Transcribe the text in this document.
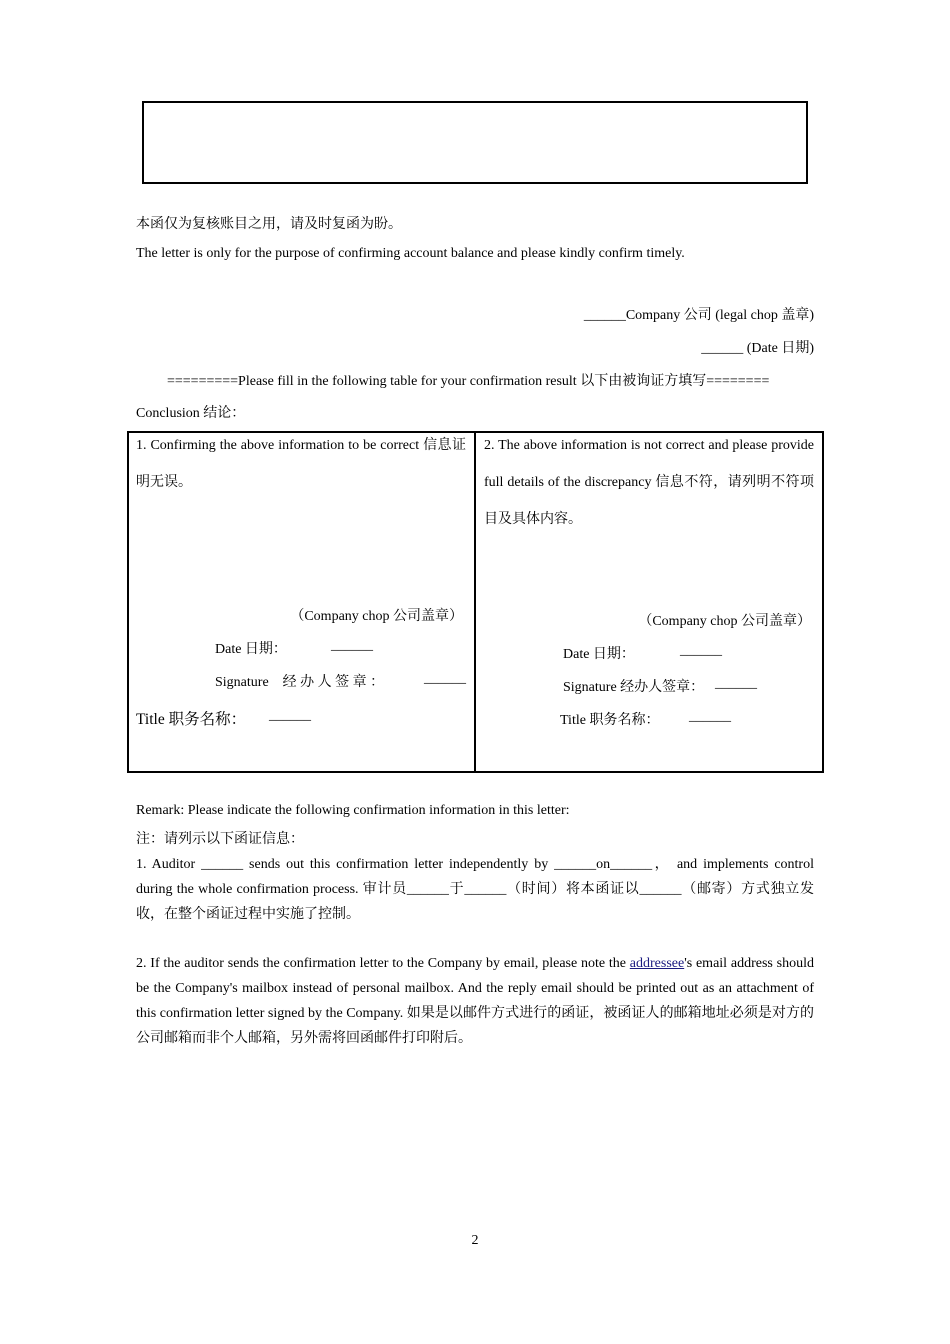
本函仅为复核账目之用，请及时复函为盼。
The letter is only for the purpose of confirming account balance and please kindly confirm timely.
______Company 公司 (legal chop 盖章)
______ (Date 日期)
=========Please fill in the following table for your confirmation result 以下由被询证方填写========
Conclusion 结论：
1. Confirming the above information to be correct 信息证明无误。
（Company chop 公司盖章）
Date 日期：	______
Signature　经 办 人 签 章 ：	______
Title 职务名称： ______
2. The above information is not correct and please provide full details of the discrepancy 信息不符，请列明不符项目及具体内容。
（Company chop 公司盖章）
Date 日期：	______
Signature 经办人签章： ______
Title 职务名称： ______
Remark: Please indicate the following confirmation information in this letter:
注：请列示以下函证信息：
1. Auditor ______ sends out this confirmation letter independently by ______on______， and implements control during the whole confirmation process. 审计员______于______（时间）将本函证以______（邮寄）方式独立发收，在整个函证过程中实施了控制。
2. If the auditor sends the confirmation letter to the Company by email, please note the addressee's email address should be the Company's mailbox instead of personal mailbox. And the reply email should be printed out as an attachment of this confirmation letter signed by the Company. 如果是以邮件方式进行的函证，被函证人的邮箱地址必须是对方的公司邮箱而非个人邮箱，另外需将回函邮件打印附后。
2
